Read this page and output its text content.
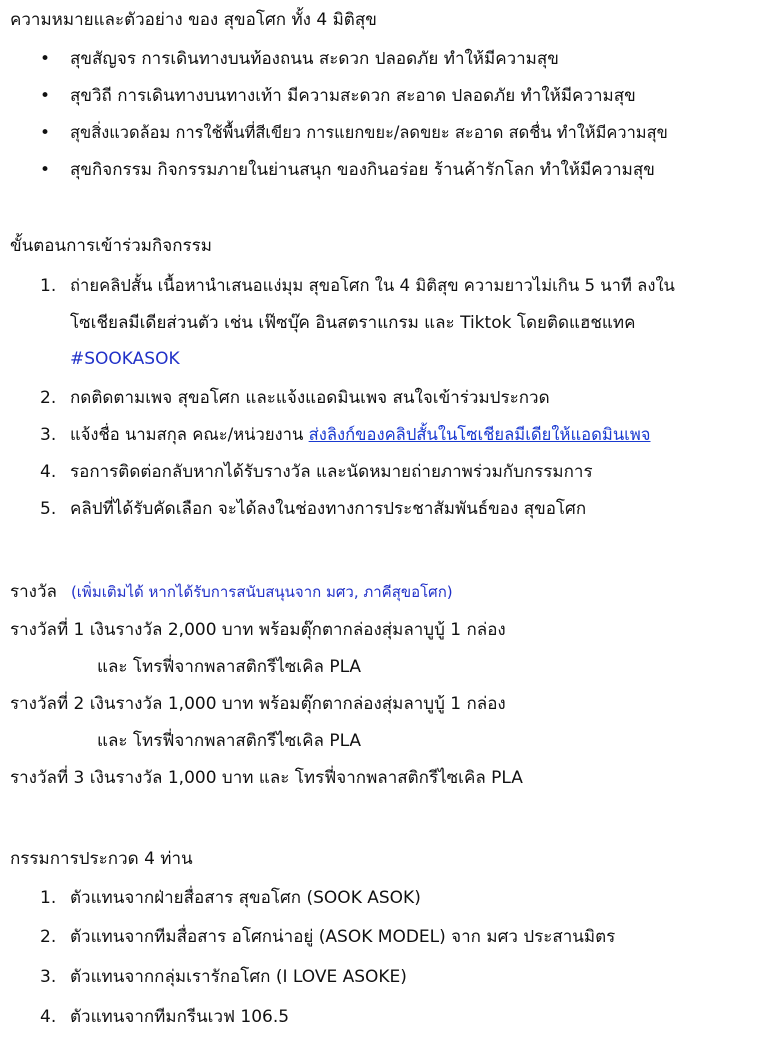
ความหมายและตัวอย่าง ของ สุขอโศก ทั้ง 4 มิติสุข
• สุขสัญจร การเดินทางบนท้องถนน สะดวก ปลอดภัย ทำให้มีความสุข
• สุขวิถี การเดินทางบนทางเท้า มีความสะดวก สะอาด ปลอดภัย ทำให้มีความสุข
• สุขสิ่งแวดล้อม การใช้พื้นที่สีเขียว การแยกขยะ/ลดขยะ สะอาด สดชื่น ทำให้มีความสุข
• สุขกิจกรรม กิจกรรมภายในย่านสนุก ของกินอร่อย ร้านค้ารักโลก ทำให้มีความสุข
ขั้นตอนการเข้าร่วมกิจกรรม
1. ถ่ายคลิปสั้น เนื้อหานำเสนอแง่มุม สุขอโศก ใน 4 มิติสุข ความยาวไม่เกิน 5 นาที ลงใน
โซเชียลมีเดียส่วนตัว เช่น เฟ๊ซบุ๊ค อินสตราแกรม และ Tiktok โดยติดแฮชแทค
#SOOKASOK
2. กดติดตามเพจ สุขอโศก และแจ้งแอดมินเพจ สนใจเข้าร่วมประกวด
3. แจ้งชื่อ นามสกุล คณะ/หน่วยงาน ส่งลิงก์ของคลิปสั้นในโซเชียลมีเดียให้แอดมินเพจ
4. รอการติดต่อกลับหากได้รับรางวัล และนัดหมายถ่ายภาพร่วมกับกรรมการ
5. คลิปที่ได้รับคัดเลือก จะได้ลงในช่องทางการประชาสัมพันธ์ของ สุขอโศก
รางวัล (เพิ่มเติมได้ หากได้รับการสนับสนุนจาก มศว, ภาคีสุขอโศก)
รางวัลที่ 1 เงินรางวัล 2,000 บาท พร้อมตุ๊กตากล่องสุ่มลาบูบู้ 1 กล่อง
และ โทรฟี่จากพลาสติกรีไซเคิล PLA
รางวัลที่ 2 เงินรางวัล 1,000 บาท พร้อมตุ๊กตากล่องสุ่มลาบูบู้ 1 กล่อง
และ โทรฟี่จากพลาสติกรีไซเคิล PLA
รางวัลที่ 3 เงินรางวัล 1,000 บาท และ โทรฟี่จากพลาสติกรีไซเคิล PLA
กรรมการประกวด 4 ท่าน
1. ตัวแทนจากฝ่ายสื่อสาร สุขอโศก (SOOK ASOK)
2. ตัวแทนจากทีมสื่อสาร อโศกน่าอยู่ (ASOK MODEL) จาก มศว ประสานมิตร
3. ตัวแทนจากกลุ่มเรารักอโศก (I LOVE ASOKE)
4. ตัวแทนจากทีมกรีนเวฟ 106.5
